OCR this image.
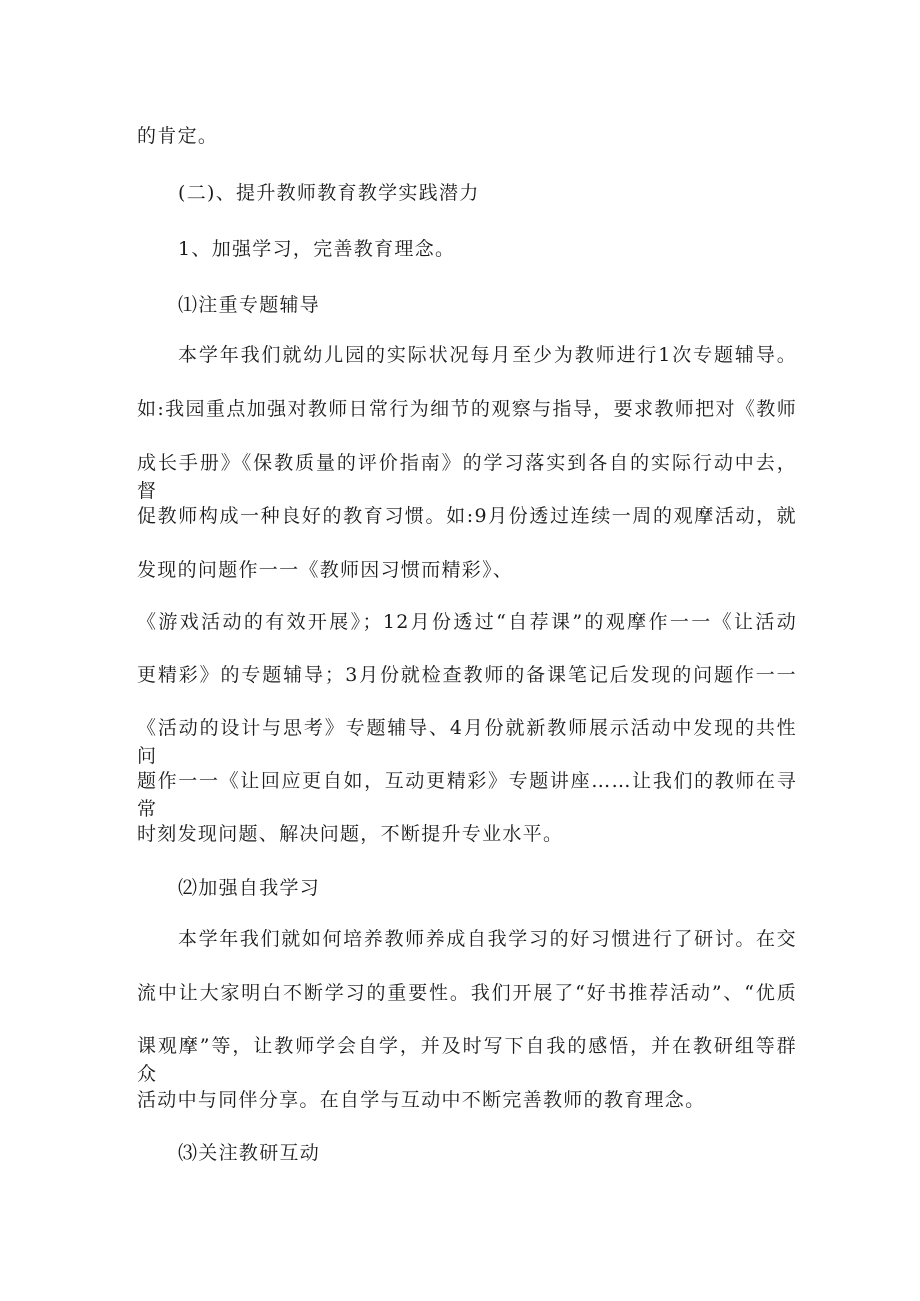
的肯定。
(二)、提升教师教育教学实践潜力
1、加强学习，完善教育理念。
⑴注重专题辅导
本学年我们就幼儿园的实际状况每月至少为教师进行1次专题辅导。
如:我园重点加强对教师日常行为细节的观察与指导，要求教师把对《教师
成长手册》《保教质量的评价指南》的学习落实到各自的实际行动中去，督
促教师构成一种良好的教育习惯。如:9月份透过连续一周的观摩活动，就
发现的问题作一一《教师因习惯而精彩》、
《游戏活动的有效开展》；12月份透过“自荐课”的观摩作一一《让活动
更精彩》的专题辅导；3月份就检查教师的备课笔记后发现的问题作一一
《活动的设计与思考》专题辅导、4月份就新教师展示活动中发现的共性问
题作一一《让回应更自如，互动更精彩》专题讲座……让我们的教师在寻常
时刻发现问题、解决问题，不断提升专业水平。
⑵加强自我学习
本学年我们就如何培养教师养成自我学习的好习惯进行了研讨。在交
流中让大家明白不断学习的重要性。我们开展了“好书推荐活动”、“优质
课观摩”等，让教师学会自学，并及时写下自我的感悟，并在教研组等群众
活动中与同伴分享。在自学与互动中不断完善教师的教育理念。
⑶关注教研互动
